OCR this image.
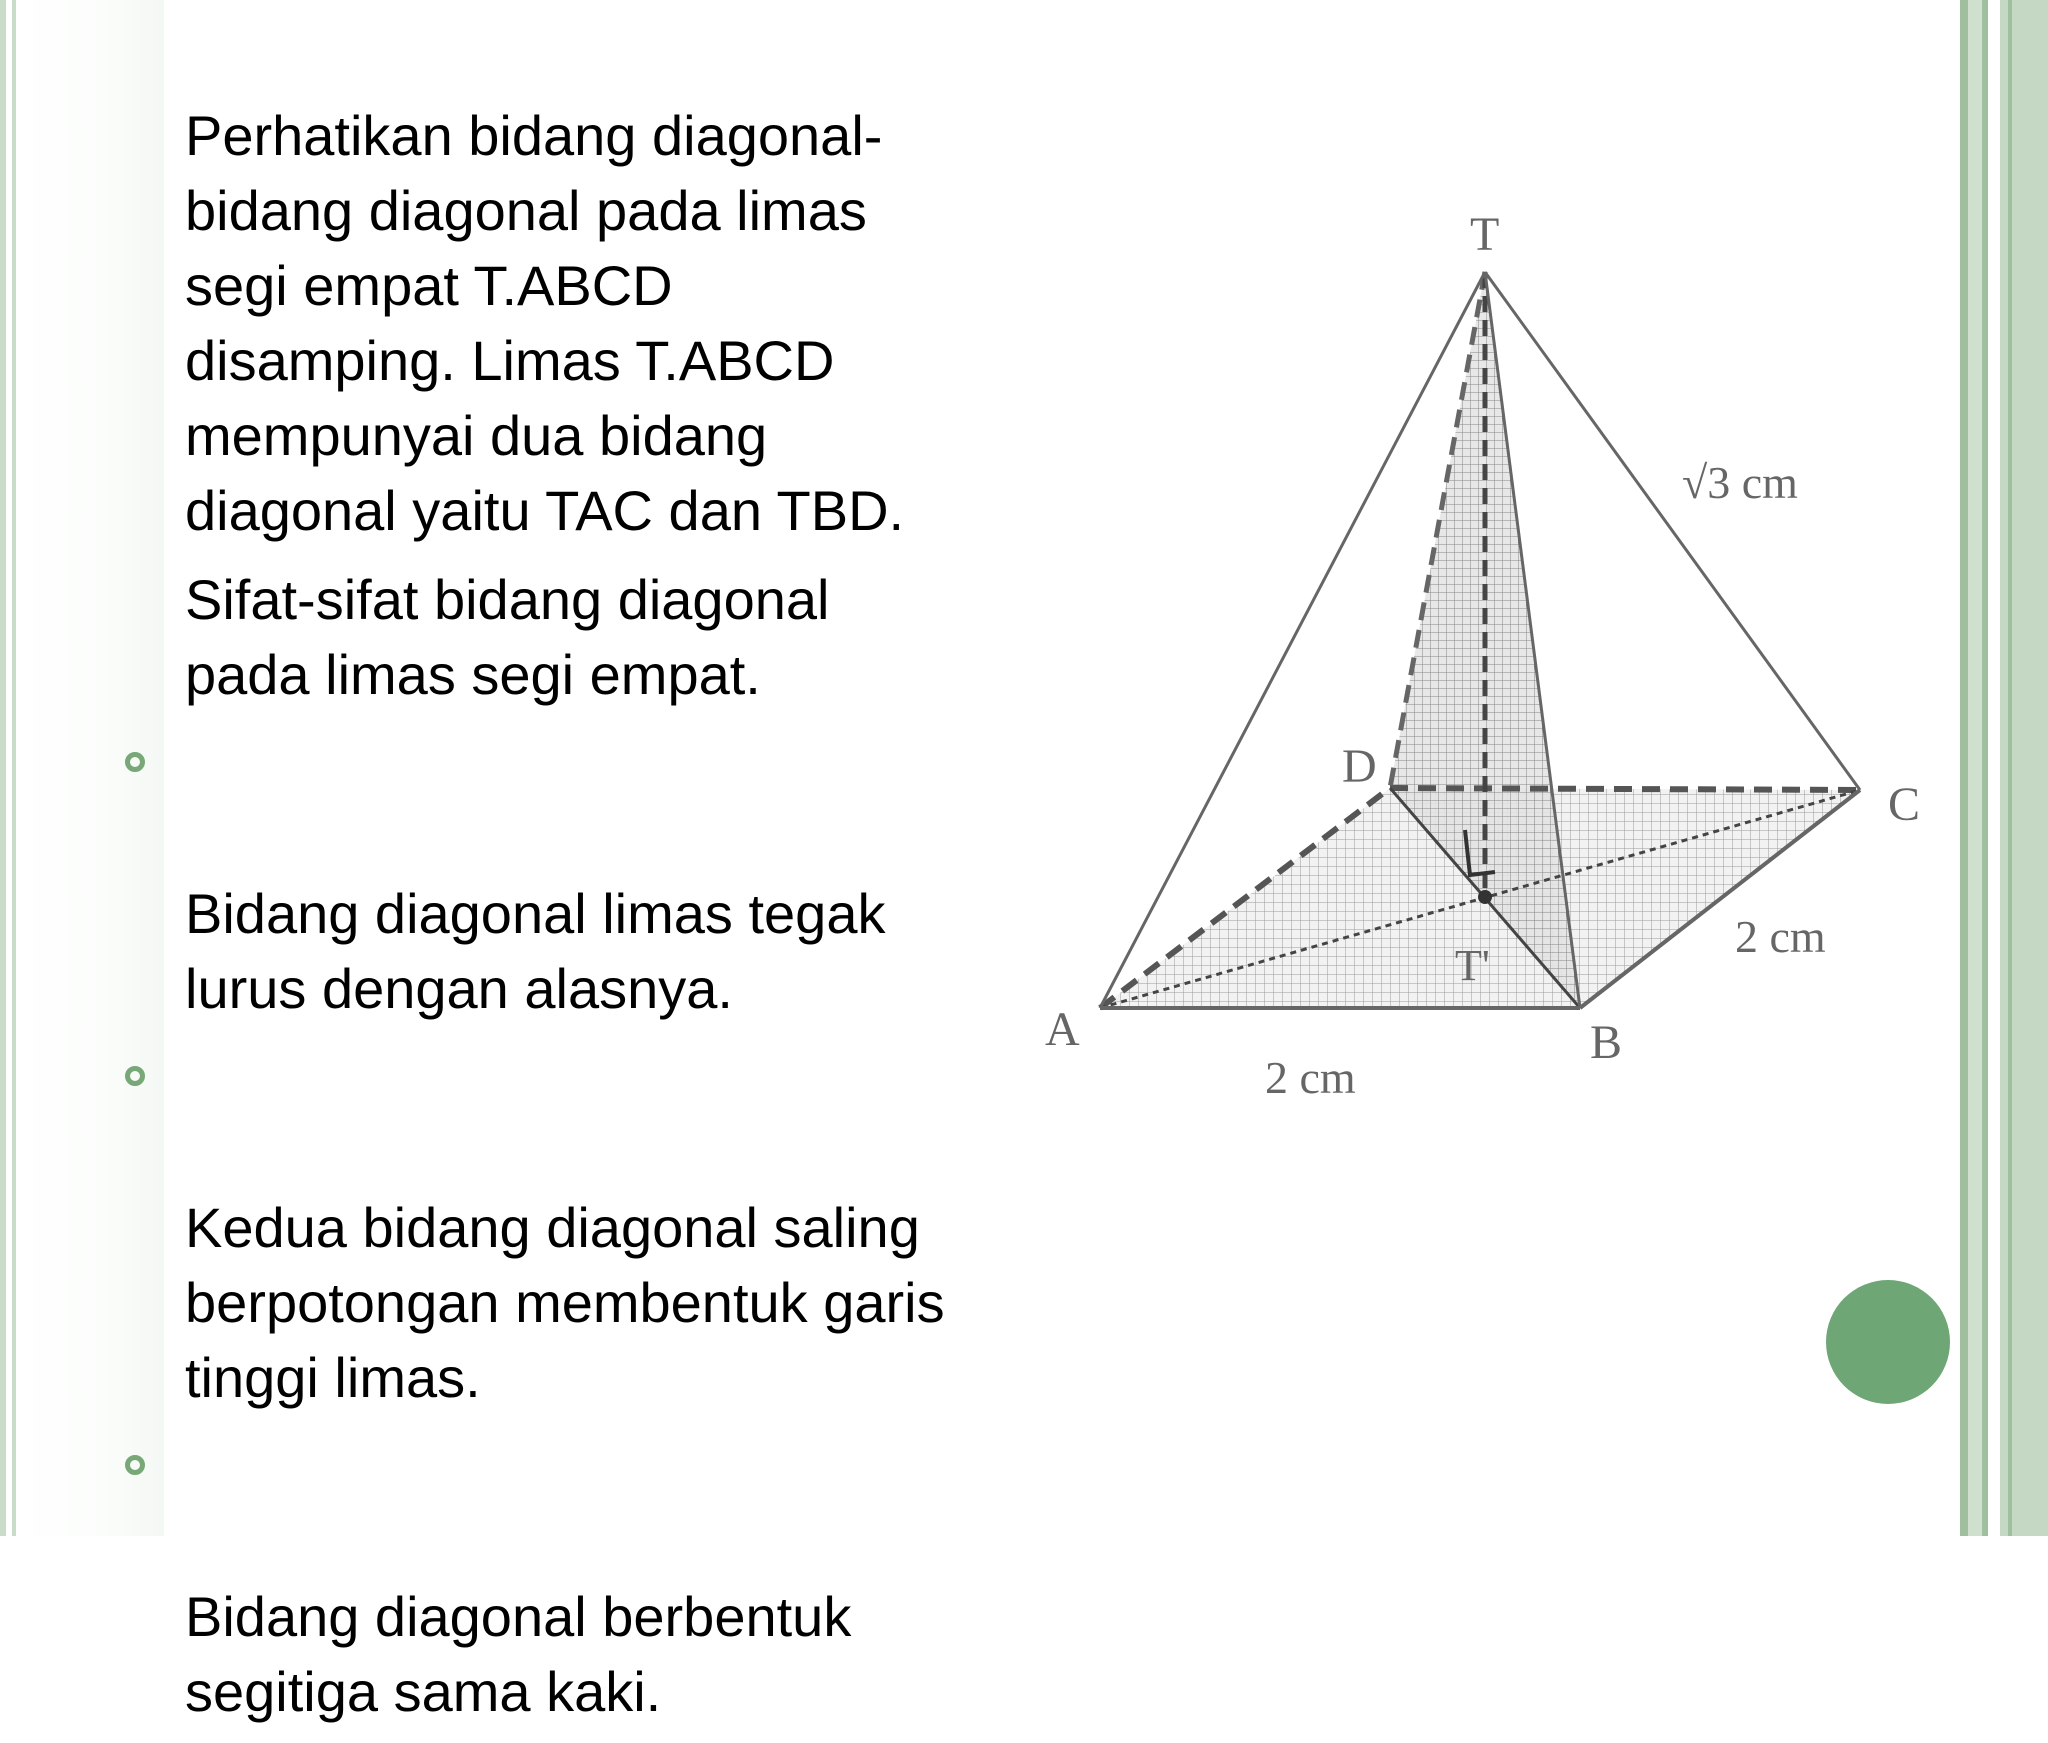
Perhatikan bidang diagonal-
bidang diagonal pada limas
segi empat T.ABCD
disamping. Limas T.ABCD
mempunyai dua bidang
diagonal yaitu TAC dan TBD.

Sifat-sifat bidang diagonal
pada limas segi empat.

Bidang diagonal limas tegak
lurus dengan alasnya.

Kedua bidang diagonal saling
berpotongan membentuk garis
tinggi limas.

Bidang diagonal berbentuk
segitiga sama kaki.

T
A	B
C
D
T'
√3 cm
2 cm
2 cm
